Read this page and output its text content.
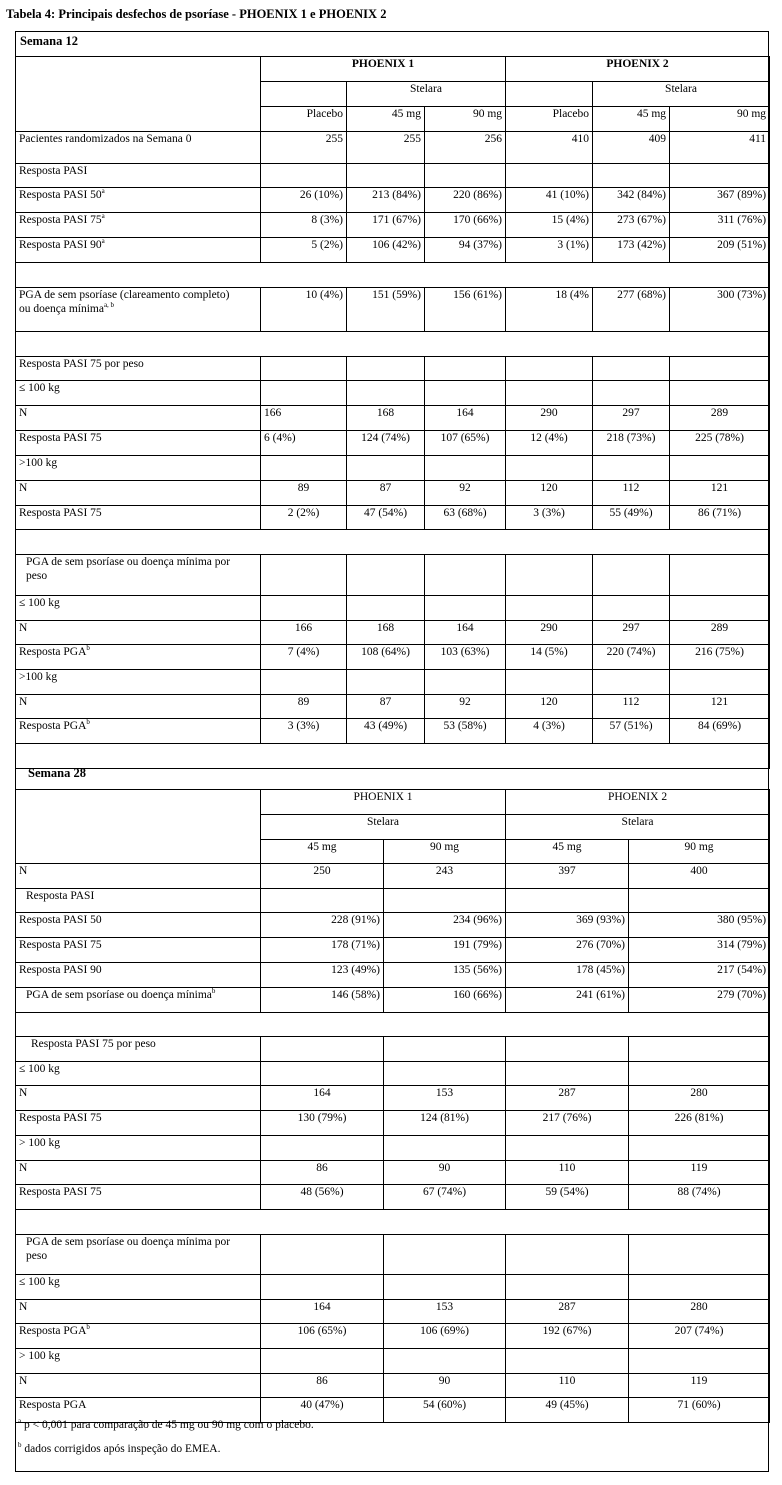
Tabela 4: Principais desfechos de psoríase - PHOENIX 1 e PHOENIX 2
Semana 12
	PHOENIX 1			PHOENIX 2		
		Stelara			Stelara	
	Placebo	45 mg	90 mg	Placebo	45 mg	90 mg
Pacientes randomizados na Semana 0	255	255	256	410	409	411
Resposta PASI						
Resposta PASI 50$^a$	26 (10%)	213 (84%)	220 (86%)	41 (10%)	342 (84%)	367 (89%)
Resposta PASI 75$^a$	8 (3%)	171 (67%)	170 (66%)	15 (4%)	273 (67%)	311 (76%)
Resposta PASI 90$^a$	5 (2%)	106 (42%)	94 (37%)	3 (1%)	173 (42%)	209 (51%)

PGA de sem psoríase (clareamento completo)
ou doença mínima$^{a, b}$	10 (4%)	151 (59%)	156 (61%)	18 (4%	277 (68%)	300 (73%)

Resposta PASI 75 por peso						
≤ 100 kg						
N	166	168	164	290	297	289
Resposta PASI 75	6 (4%)	124 (74%)	107 (65%)	12 (4%)	218 (73%)	225 (78%)
>100 kg						
N	89	87	92	120	112	121
Resposta PASI 75	2 (2%)	47 (54%)	63 (68%)	3 (3%)	55 (49%)	86 (71%)

PGA de sem psoríase ou doença mínima por
peso						
≤ 100 kg						
N	166	168	164	290	297	289
Resposta PGA$^b$	7 (4%)	108 (64%)	103 (63%)	14 (5%)	220 (74%)	216 (75%)
>100 kg						
N	89	87	92	120	112	121
Resposta PGA$^b$	3 (3%)	43 (49%)	53 (58%)	4 (3%)	57 (51%)	84 (69%)

Semana 28
	PHOENIX 1		PHOENIX 2	
	Stelara		Stelara	
	45 mg	90 mg	45 mg	90 mg
N	250	243	397	400
Resposta PASI				
Resposta PASI 50	228 (91%)	234 (96%)	369 (93%)	380 (95%)
Resposta PASI 75	178 (71%)	191 (79%)	276 (70%)	314 (79%)
Resposta PASI 90	123 (49%)	135 (56%)	178 (45%)	217 (54%)
PGA de sem psoríase ou doença mínima$^b$	146 (58%)	160 (66%)	241 (61%)	279 (70%)

Resposta PASI 75 por peso				
≤ 100 kg				
N	164	153	287	280
Resposta PASI 75	130 (79%)	124 (81%)	217 (76%)	226 (81%)
> 100 kg				
N	86	90	110	119
Resposta PASI 75	48 (56%)	67 (74%)	59 (54%)	88 (74%)

PGA de sem psoríase ou doença mínima por
peso				
≤ 100 kg				
N	164	153	287	280
Resposta PGA$^b$	106 (65%)	106 (69%)	192 (67%)	207 (74%)
> 100 kg				
N	86	90	110	119
Resposta PGA	40 (47%)	54 (60%)	49 (45%)	71 (60%)
$^a$ p < 0,001 para comparação de 45 mg ou 90 mg com o placebo.
$^b$ dados corrigidos após inspeção do EMEA.
